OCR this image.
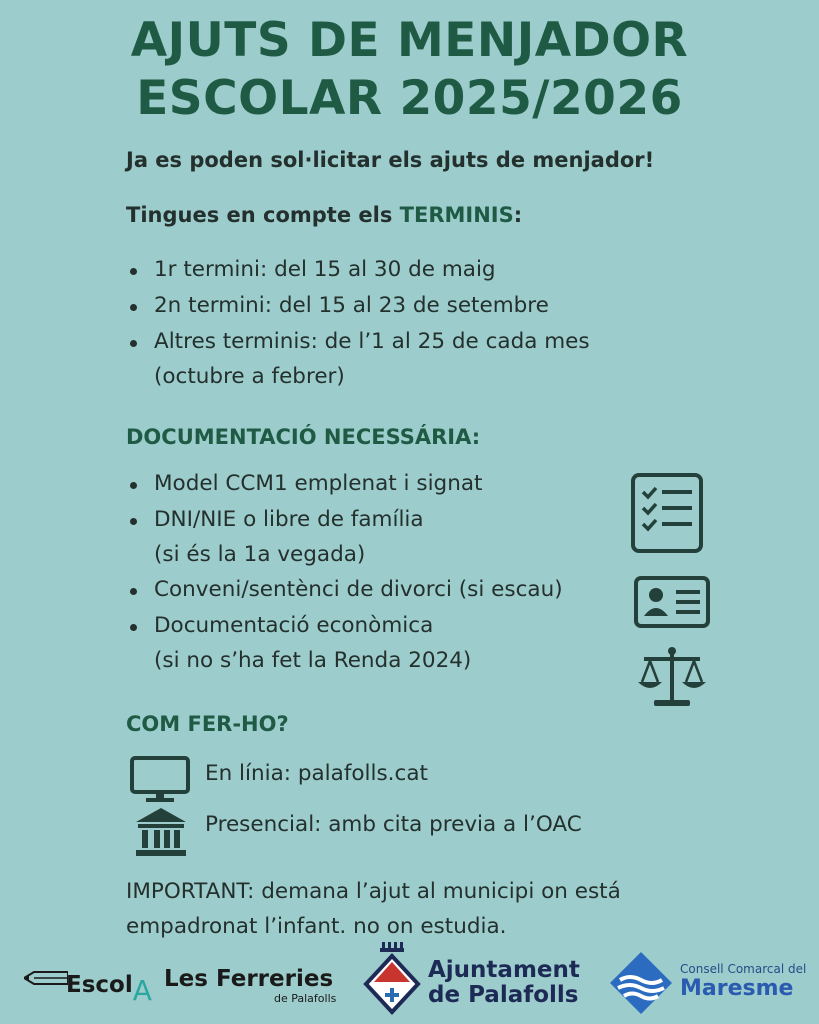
AJUTS DE MENJADOR
ESCOLAR 2025/2026
Ja es poden sol·licitar els ajuts de menjador!
Tingues en compte els TERMINIS:
1r termini: del 15 al 30 de maig
2n termini: del 15 al 23 de setembre
Altres terminis: de l’1 al 25 de cada mes
(octubre a febrer)
DOCUMENTACIÓ NECESSÁRIA:
Model CCM1 emplenat i signat
DNI/NIE o libre de família
(si és la 1a vegada)
Conveni/sentènci de divorci (si escau)
Documentació econòmica
(si no s’ha fet la Renda 2024)
COM FER-HO?
En línia: palafolls.cat
Presencial: amb cita previa a l’OAC
IMPORTANT: demana l’ajut al municipi on está empadronat l’infant. no on estudia.
EscolA Les Ferreries
de Palafolls
Ajuntament
de Palafolls
Consell Comarcal del
Maresme
